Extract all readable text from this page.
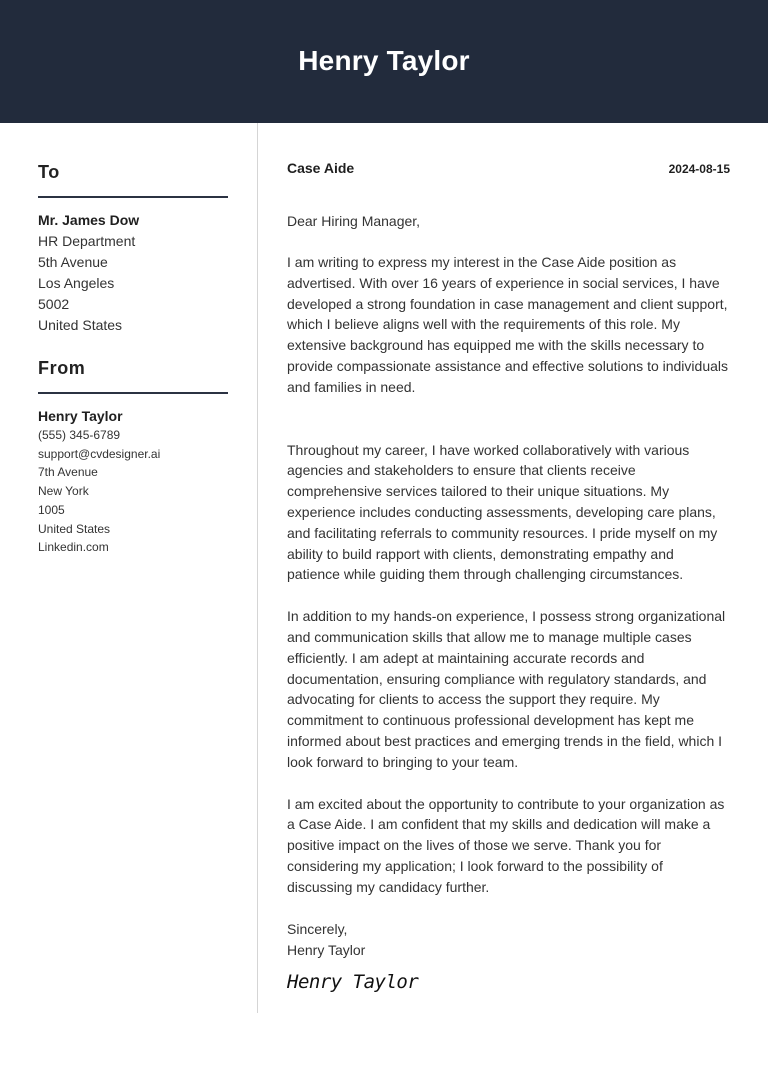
Henry Taylor
To
Mr. James Dow
HR Department
5th Avenue
Los Angeles
5002
United States
From
Henry Taylor
(555) 345-6789
support@cvdesigner.ai
7th Avenue
New York
1005
United States
Linkedin.com
Case Aide	2024-08-15
Dear Hiring Manager,

I am writing to express my interest in the Case Aide position as advertised. With over 16 years of experience in social services, I have developed a strong foundation in case management and client support, which I believe aligns well with the requirements of this role. My extensive background has equipped me with the skills necessary to provide compassionate assistance and effective solutions to individuals and families in need.

Throughout my career, I have worked collaboratively with various agencies and stakeholders to ensure that clients receive comprehensive services tailored to their unique situations. My experience includes conducting assessments, developing care plans, and facilitating referrals to community resources. I pride myself on my ability to build rapport with clients, demonstrating empathy and patience while guiding them through challenging circumstances.

In addition to my hands-on experience, I possess strong organizational and communication skills that allow me to manage multiple cases efficiently. I am adept at maintaining accurate records and documentation, ensuring compliance with regulatory standards, and advocating for clients to access the support they require. My commitment to continuous professional development has kept me informed about best practices and emerging trends in the field, which I look forward to bringing to your team.

I am excited about the opportunity to contribute to your organization as a Case Aide. I am confident that my skills and dedication will make a positive impact on the lives of those we serve. Thank you for considering my application; I look forward to the possibility of discussing my candidacy further.

Sincerely,
Henry Taylor
Henry Taylor
